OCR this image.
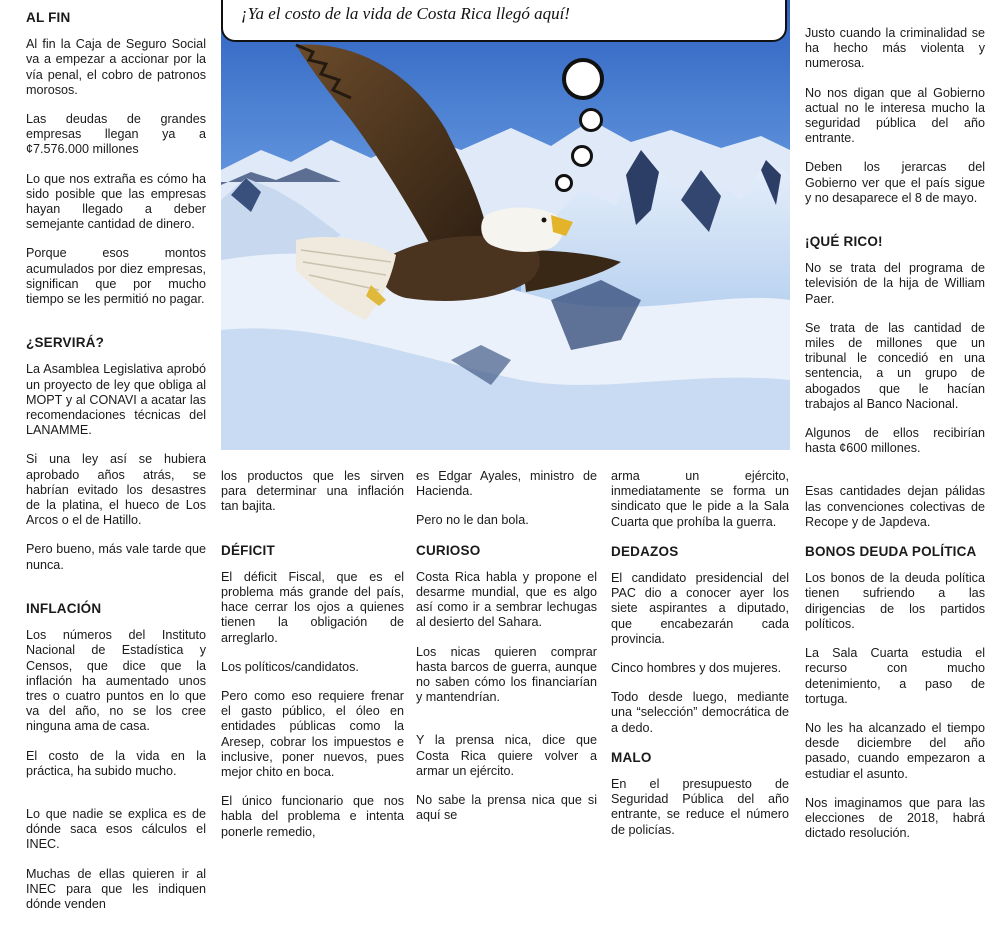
AL FIN

Al fin la Caja de Seguro Social va a empezar a accionar por la vía penal, el cobro de patronos morosos.

Las deudas de grandes empresas llegan ya a ¢7.576.000 millones

Lo que nos extraña es cómo ha sido posible que las empresas hayan llegado a deber semejante cantidad de dinero.

Porque esos montos acumulados por diez empresas, significan que por mucho tiempo se les permitió no pagar.

¿SERVIRÁ?

La Asamblea Legislativa aprobó un proyecto de ley que obliga al MOPT y al CONAVI a acatar las recomendaciones técnicas del LANAMME.

Si una ley así se hubiera aprobado años atrás, se habrían evitado los desastres de la platina, el hueco de Los Arcos o el de Hatillo.

Pero bueno, más vale tarde que nunca.

INFLACIÓN

Los números del Instituto Nacional de Estadística y Censos, que dice que la inflación ha aumentado unos tres o cuatro puntos en lo que va del año, no se los cree ninguna ama de casa.

El costo de la vida en la práctica, ha subido mucho.

Lo que nadie se explica es de dónde saca esos cálculos el INEC.

Muchas de ellas quieren ir al INEC para que les indiquen dónde venden

¡Ya el costo de la vida de Costa Rica llegó aquí!

los productos que les sirven para determinar una inflación tan bajita.

DÉFICIT

El déficit Fiscal, que es el problema más grande del país, hace cerrar los ojos a quienes tienen la obligación de arreglarlo.

Los políticos/candidatos.

Pero como eso requiere frenar el gasto público, el óleo en entidades públicas como la Aresep, cobrar los impuestos e inclusive, poner nuevos, pues mejor chito en boca.

El único funcionario que nos habla del problema e intenta ponerle remedio,

es Edgar Ayales, ministro de Hacienda.

Pero no le dan bola.

CURIOSO

Costa Rica habla y propone el desarme mundial, que es algo así como ir a sembrar lechugas al desierto del Sahara.

Los nicas quieren comprar hasta barcos de guerra, aunque no saben cómo los financiarían y mantendrían.

Y la prensa nica, dice que Costa Rica quiere volver a armar un ejército.

No sabe la prensa nica que si aquí se

arma un ejército, inmediatamente se forma un sindicato que le pide a la Sala Cuarta que prohíba la guerra.

DEDAZOS

El candidato presidencial del PAC dio a conocer ayer los siete aspirantes a diputado, que encabezarán cada provincia.

Cinco hombres y dos mujeres.

Todo desde luego, mediante una “selección” democrática de a dedo.

MALO

En el presupuesto de Seguridad Pública del año entrante, se reduce el número de policías.

Justo cuando la criminalidad se ha hecho más violenta y numerosa.

No nos digan que al Gobierno actual no le interesa mucho la seguridad pública del año entrante.

Deben los jerarcas del Gobierno ver que el país sigue y no desaparece el 8 de mayo.

¡QUÉ RICO!

No se trata del programa de televisión de la hija de William Paer.

Se trata de las cantidad de miles de millones que un tribunal le concedió en una sentencia, a un grupo de abogados que le hacían trabajos al Banco Nacional.

Algunos de ellos recibirían hasta ¢600 millones.

Esas cantidades dejan pálidas las convenciones colectivas de Recope y de Japdeva.

BONOS DEUDA POLÍTICA

Los bonos de la deuda política tienen sufriendo a las dirigencias de los partidos políticos.

La Sala Cuarta estudia el recurso con mucho detenimiento, a paso de tortuga.

No les ha alcanzado el tiempo desde diciembre del año pasado, cuando empezaron a estudiar el asunto.

Nos imaginamos que para las elecciones de 2018, habrá dictado resolución.
